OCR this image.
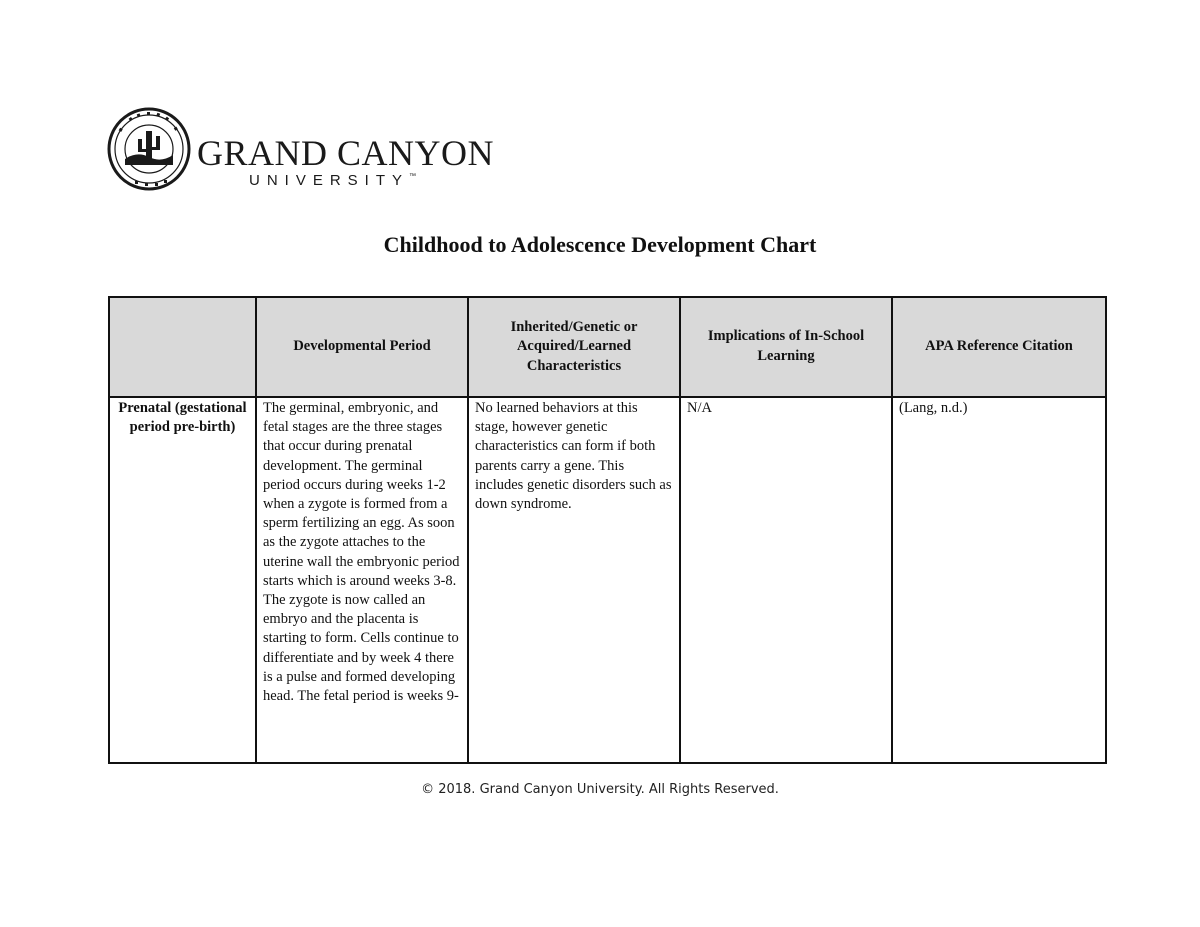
GRAND CANYON
UNIVERSITY™
Childhood to Adolescence Development Chart
	Developmental Period	Inherited/Genetic or Acquired/Learned Characteristics	Implications of In-School Learning	APA Reference Citation
Prenatal (gestational period pre-birth)	The germinal, embryonic, and fetal stages are the three stages that occur during prenatal development. The germinal period occurs during weeks 1-2 when a zygote is formed from a sperm fertilizing an egg. As soon as the zygote attaches to the uterine wall the embryonic period starts which is around weeks 3-8. The zygote is now called an embryo and the placenta is starting to form. Cells continue to differentiate and by week 4 there is a pulse and formed developing head. The fetal period is weeks 9-	No learned behaviors at this stage, however genetic characteristics can form if both parents carry a gene. This includes genetic disorders such as down syndrome.	N/A	(Lang, n.d.)

© 2018. Grand Canyon University. All Rights Reserved.
